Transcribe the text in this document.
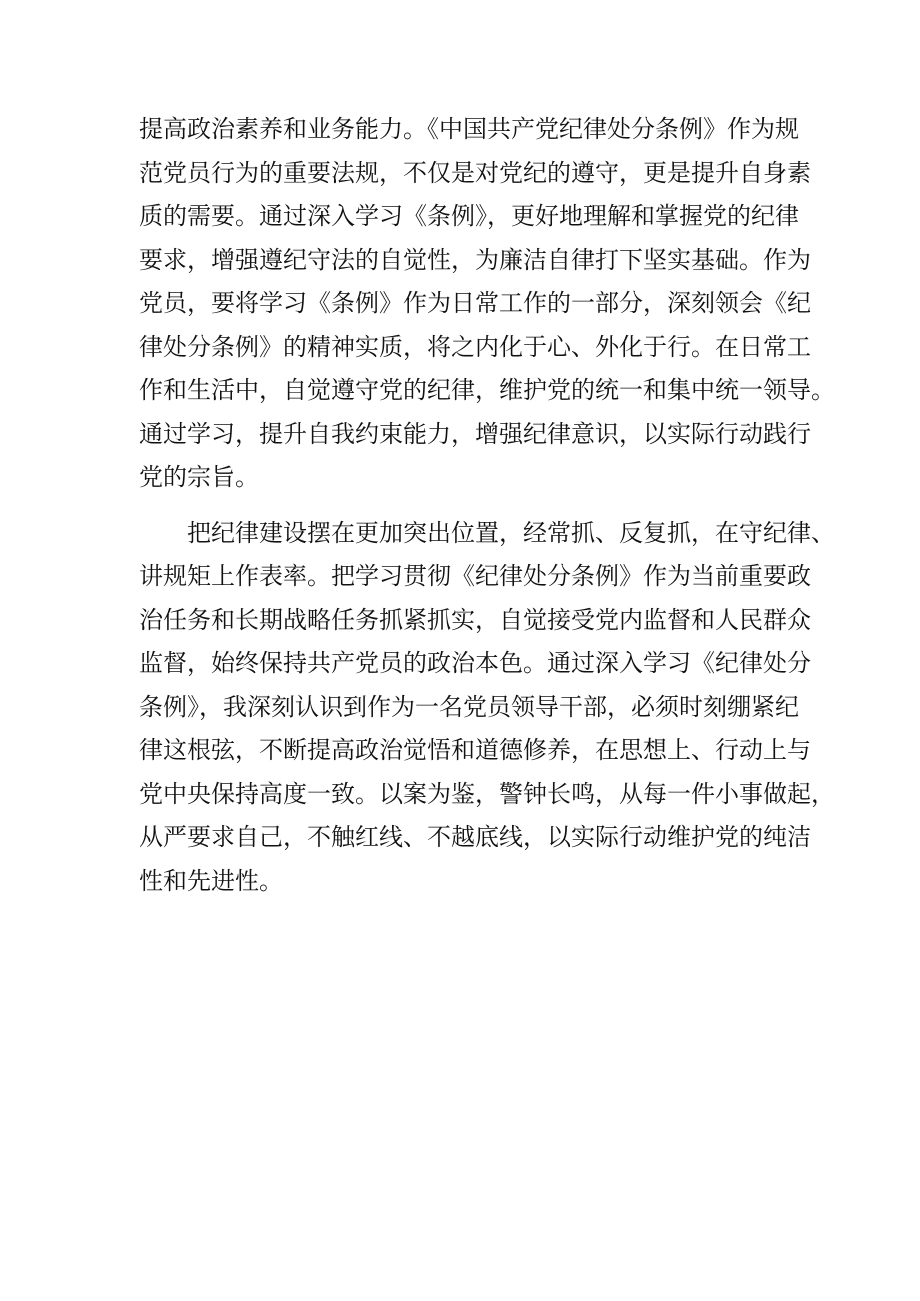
提高政治素养和业务能力。《中国共产党纪律处分条例》作为规
范党员行为的重要法规，不仅是对党纪的遵守，更是提升自身素
质的需要。通过深入学习《条例》，更好地理解和掌握党的纪律
要求，增强遵纪守法的自觉性，为廉洁自律打下坚实基础。作为
党员，要将学习《条例》作为日常工作的一部分，深刻领会《纪
律处分条例》的精神实质，将之内化于心、外化于行。在日常工
作和生活中，自觉遵守党的纪律，维护党的统一和集中统一领导。
通过学习，提升自我约束能力，增强纪律意识，以实际行动践行
党的宗旨。
把纪律建设摆在更加突出位置，经常抓、反复抓，在守纪律、
讲规矩上作表率。把学习贯彻《纪律处分条例》作为当前重要政
治任务和长期战略任务抓紧抓实，自觉接受党内监督和人民群众
监督，始终保持共产党员的政治本色。通过深入学习《纪律处分
条例》，我深刻认识到作为一名党员领导干部，必须时刻绷紧纪
律这根弦，不断提高政治觉悟和道德修养，在思想上、行动上与
党中央保持高度一致。以案为鉴，警钟长鸣，从每一件小事做起，
从严要求自己，不触红线、不越底线，以实际行动维护党的纯洁
性和先进性。
